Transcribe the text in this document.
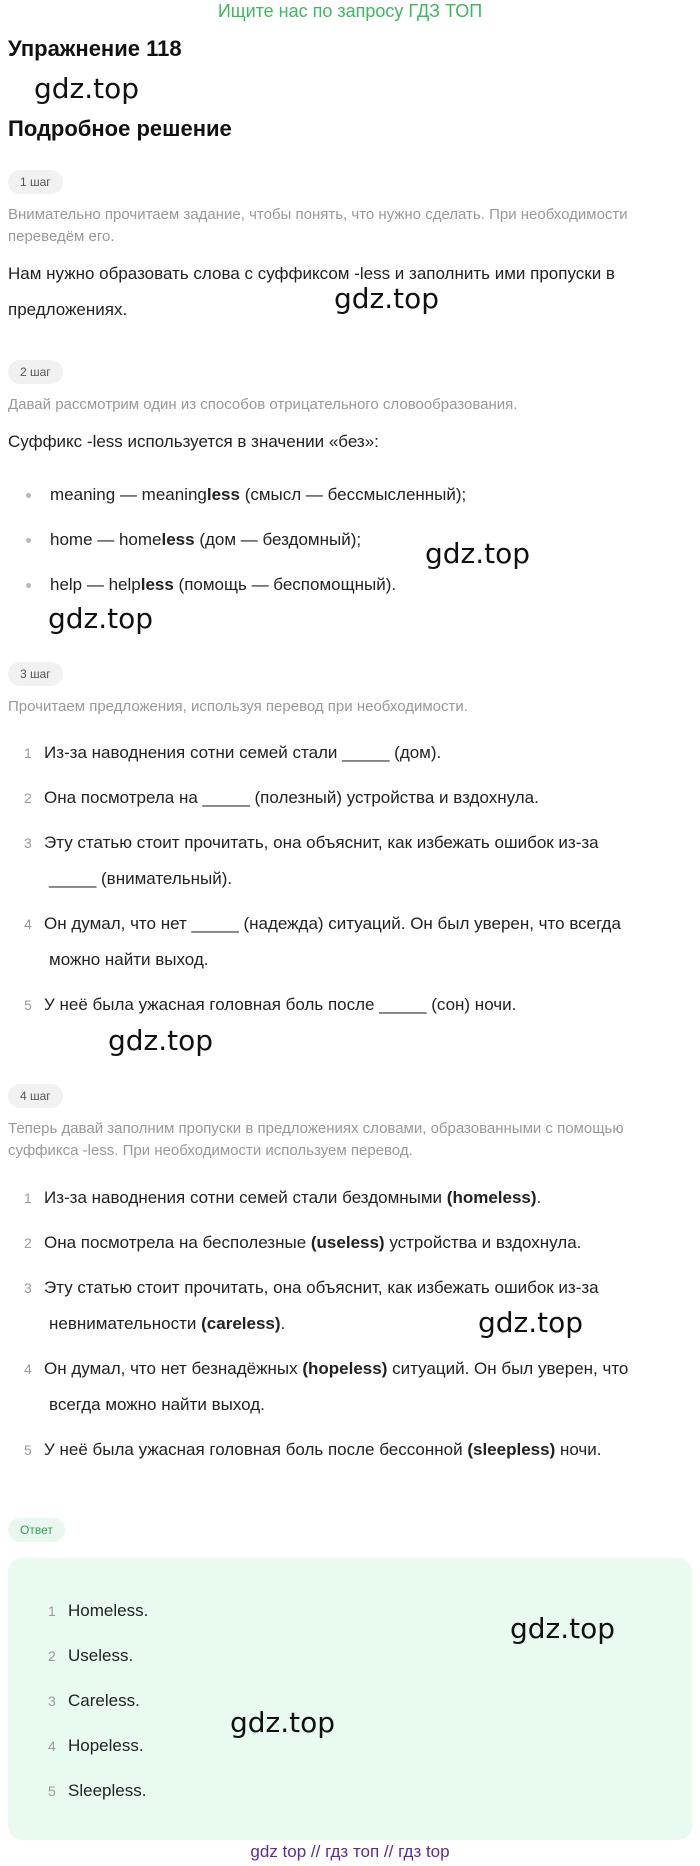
Ищите нас по запросу ГДЗ ТОП
Упражнение 118
gdz.top
Подробное решение
1 шаг
Внимательно прочитаем задание, чтобы понять, что нужно сделать. При необходимости переведём его.
Нам нужно образовать слова с суффиксом -less и заполнить ими пропуски в предложениях.	gdz.top
2 шаг
Давай рассмотрим один из способов отрицательного словообразования.
Суффикс -less используется в значении «без»:
meaning — meaningless (смысл — бессмысленный);
home — homeless (дом — бездомный);
help — helpless (помощь — беспомощный).
gdz.top
gdz.top
3 шаг
Прочитаем предложения, используя перевод при необходимости.
1 Из-за наводнения сотни семей стали _____ (дом).
2 Она посмотрела на _____ (полезный) устройства и вздохнула.
3 Эту статью стоит прочитать, она объяснит, как избежать ошибок из-за
_____ (внимательный).
4 Он думал, что нет _____ (надежда) ситуаций. Он был уверен, что всегда
можно найти выход.
5 У неё была ужасная головная боль после _____ (сон) ночи.
gdz.top
4 шаг
Теперь давай заполним пропуски в предложениях словами, образованными с помощью суффикса -less. При необходимости используем перевод.
1 Из-за наводнения сотни семей стали бездомными (homeless).
2 Она посмотрела на бесполезные (useless) устройства и вздохнула.
3 Эту статью стоит прочитать, она объяснит, как избежать ошибок из-за
невнимательности (careless).	gdz.top
4 Он думал, что нет безнадёжных (hopeless) ситуаций. Он был уверен, что
всегда можно найти выход.
5 У неё была ужасная головная боль после бессонной (sleepless) ночи.
Ответ
1 Homeless.
2 Useless.
3 Careless.
4 Hopeless.
5 Sleepless.
gdz.top
gdz.top
gdz top // гдз топ // гдз top
